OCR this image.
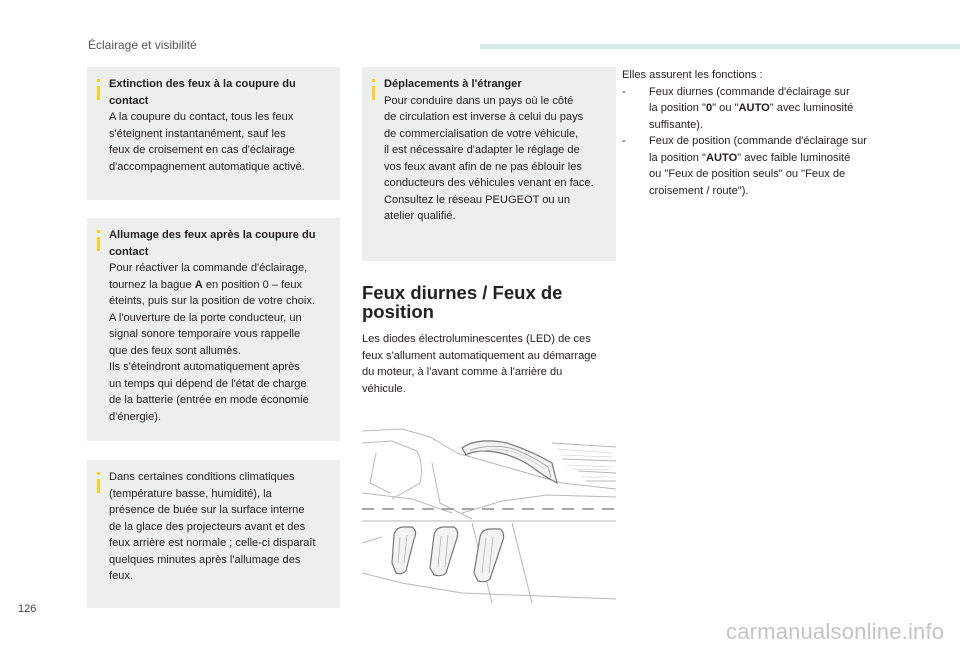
Éclairage et visibilité
Extinction des feux à la coupure du contact
A la coupure du contact, tous les feux
s'éteignent instantanément, sauf les
feux de croisement en cas d'éclairage
d'accompagnement automatique activé.
Allumage des feux après la coupure du contact
Pour réactiver la commande d'éclairage,
tournez la bague A en position 0 – feux
éteints, puis sur la position de votre choix.
A l'ouverture de la porte conducteur, un
signal sonore temporaire vous rappelle
que des feux sont allumés.
Ils s'éteindront automatiquement après
un temps qui dépend de l'état de charge
de la batterie (entrée en mode économie
d'énergie).
Dans certaines conditions climatiques
(température basse, humidité), la
présence de buée sur la surface interne
de la glace des projecteurs avant et des
feux arrière est normale ; celle-ci disparaît
quelques minutes après l'allumage des
feux.
Déplacements à l'étranger
Pour conduire dans un pays où le côté
de circulation est inverse à celui du pays
de commercialisation de votre véhicule,
il est nécessaire d'adapter le réglage de
vos feux avant afin de ne pas éblouir les
conducteurs des véhicules venant en face.
Consultez le réseau PEUGEOT ou un
atelier qualifié.
Feux diurnes / Feux de
position
Les diodes électroluminescentes (LED) de ces
feux s'allument automatiquement au démarrage
du moteur, à l'avant comme à l'arrière du
véhicule.
Elles assurent les fonctions :
- Feux diurnes (commande d'éclairage sur
la position "0" ou "AUTO" avec luminosité
suffisante).
- Feux de position (commande d'éclairage sur
la position "AUTO" avec faible luminosité
ou "Feux de position seuls" ou "Feux de
croisement / route").
126
carmanualsonline.info
